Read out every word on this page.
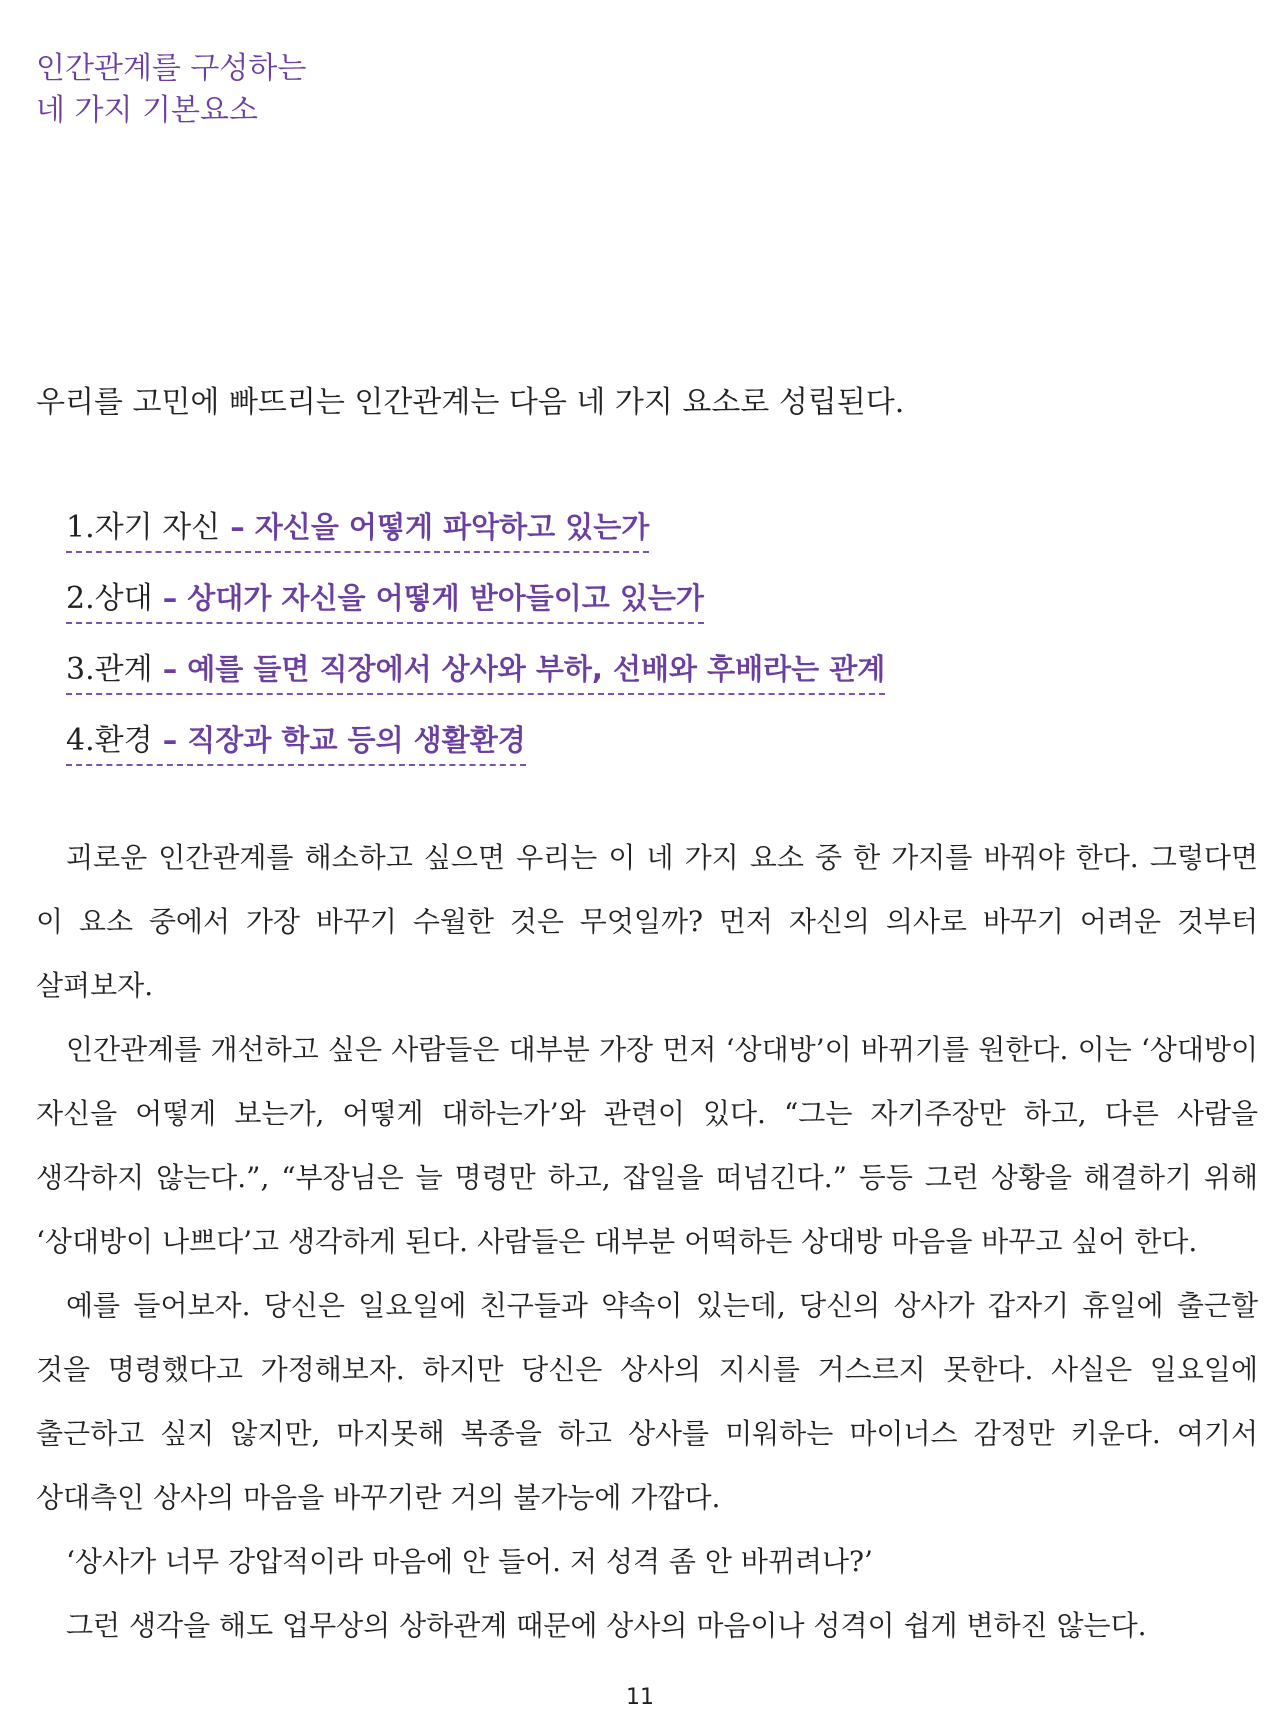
인간관계를 구성하는
네 가지 기본요소
우리를 고민에 빠뜨리는 인간관계는 다음 네 가지 요소로 성립된다.
1.자기 자신 – 자신을 어떻게 파악하고 있는가
2.상대 – 상대가 자신을 어떻게 받아들이고 있는가
3.관계 – 예를 들면 직장에서 상사와 부하, 선배와 후배라는 관계
4.환경 – 직장과 학교 등의 생활환경

괴로운 인간관계를 해소하고 싶으면 우리는 이 네 가지 요소 중 한 가지를 바꿔야 한다. 그렇다면 이 요소 중에서 가장 바꾸기 수월한 것은 무엇일까? 먼저 자신의 의사로 바꾸기 어려운 것부터 살펴보자.

인간관계를 개선하고 싶은 사람들은 대부분 가장 먼저 ‘상대방’이 바뀌기를 원한다. 이는 ‘상대방이 자신을 어떻게 보는가, 어떻게 대하는가’와 관련이 있다. “그는 자기주장만 하고, 다른 사람을 생각하지 않는다.”, “부장님은 늘 명령만 하고, 잡일을 떠넘긴다.” 등등 그런 상황을 해결하기 위해 ‘상대방이 나쁘다’고 생각하게 된다. 사람들은 대부분 어떡하든 상대방 마음을 바꾸고 싶어 한다.

예를 들어보자. 당신은 일요일에 친구들과 약속이 있는데, 당신의 상사가 갑자기 휴일에 출근할 것을 명령했다고 가정해보자. 하지만 당신은 상사의 지시를 거스르지 못한다. 사실은 일요일에 출근하고 싶지 않지만, 마지못해 복종을 하고 상사를 미워하는 마이너스 감정만 키운다. 여기서 상대측인 상사의 마음을 바꾸기란 거의 불가능에 가깝다.

‘상사가 너무 강압적이라 마음에 안 들어. 저 성격 좀 안 바뀌려나?’

그런 생각을 해도 업무상의 상하관계 때문에 상사의 마음이나 성격이 쉽게 변하진 않는다.

11
